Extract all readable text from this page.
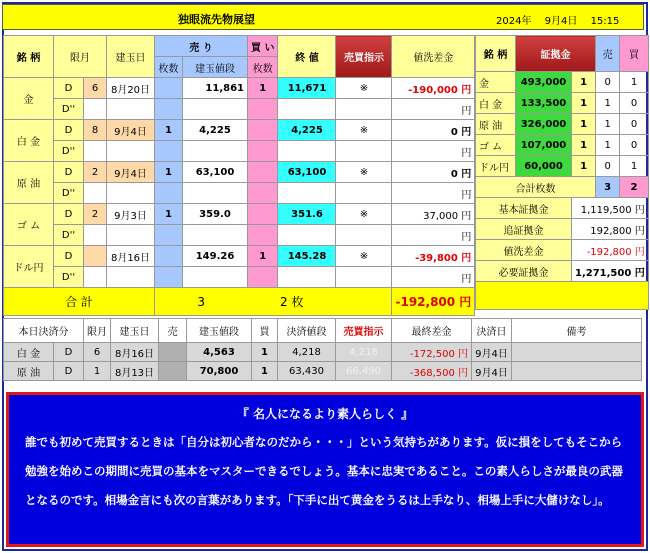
独眼流先物展望	2024年 9月4日 15:15
銘 柄	限月		建玉日	売 り		買 い	終 値	売買指示	値洗差金
				枚数	建玉値段	枚数			
金	D	6	8月20日		11,861	1	11,671	※	-190,000 円
	D''								円
白 金	D	8	9月4日	1	4,225		4,225	※	0 円
	D''								円
原 油	D	2	9月4日	1	63,100		63,100	※	0 円
	D''								円
ゴ ム	D	2	9月3日	1	359.0		351.6	※	37,000 円
	D''								円
ドル円	D		8月16日		149.26	1	145.28	※	-39,800 円
	D''								円
合 計				3		2 枚			-192,800 円
銘 柄	証拠金		売	買
金	493,000	1	0	1
白 金	133,500	1	1	0
原 油	326,000	1	1	0
ゴ ム	107,000	1	1	0
ドル円	60,000	1	0	1
合計枚数			3	2
基本証拠金		1,119,500 円		
追証拠金		192,800 円		
値洗差金		-192,800 円		
必要証拠金		1,271,500 円		

本日決済分		限月	建玉日	売	建玉値段	買	決済値段	売買指示	最終差金	決済日	備考
白 金	D	6	8月16日		4,563	1	4,218	4,218	-172,500 円	9月4日	
原 油	D	1	8月13日		70,800	1	63,430	66,490	-368,500 円	9月4日	
『 名人になるより素人らしく 』
誰でも初めて売買するときは「自分は初心者なのだから・・・」という気持ちがあります。仮に損をしてもそこから勉強を始めこの期間に売買の基本をマスターできるでしょう。基本に忠実であること。この素人らしさが最良の武器となるのです。相場金言にも次の言葉があります。「下手に出て黄金をうるは上手なり、相場上手に大儲けなし」。
